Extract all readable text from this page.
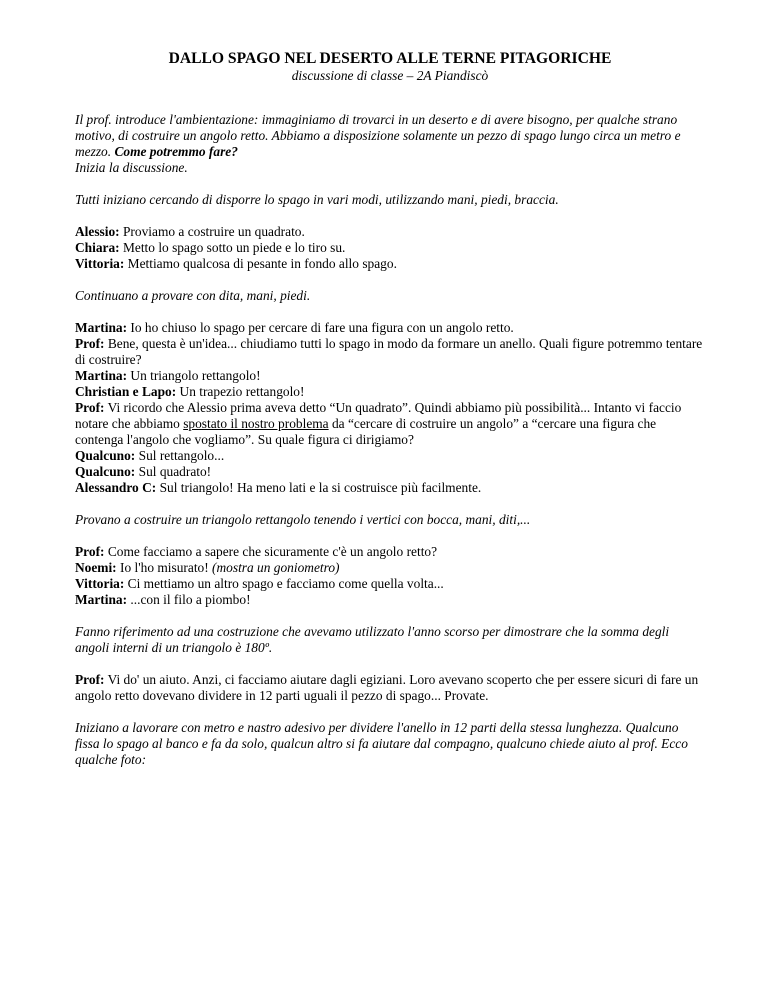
DALLO SPAGO NEL DESERTO ALLE TERNE PITAGORICHE

discussione di classe – 2A Piandiscò

Il prof. introduce l'ambientazione: immaginiamo di trovarci in un deserto e di avere bisogno, per qualche strano motivo, di costruire un angolo retto. Abbiamo a disposizione solamente un pezzo di spago lungo circa un metro e mezzo. Come potremmo fare?
Inizia la discussione.

Tutti iniziano cercando di disporre lo spago in vari modi, utilizzando mani, piedi, braccia.

Alessio: Proviamo a costruire un quadrato.
Chiara: Metto lo spago sotto un piede e lo tiro su.
Vittoria: Mettiamo qualcosa di pesante in fondo allo spago.

Continuano a provare con dita, mani, piedi.

Martina: Io ho chiuso lo spago per cercare di fare una figura con un angolo retto.
Prof: Bene, questa è un'idea... chiudiamo tutti lo spago in modo da formare un anello. Quali figure potremmo tentare di costruire?
Martina: Un triangolo rettangolo!
Christian e Lapo: Un trapezio rettangolo!
Prof: Vi ricordo che Alessio prima aveva detto “Un quadrato”. Quindi abbiamo più possibilità... Intanto vi faccio notare che abbiamo spostato il nostro problema da “cercare di costruire un angolo” a “cercare una figura che contenga l'angolo che vogliamo”. Su quale figura ci dirigiamo?
Qualcuno: Sul rettangolo...
Qualcuno: Sul quadrato!
Alessandro C: Sul triangolo! Ha meno lati e la si costruisce più facilmente.

Provano a costruire un triangolo rettangolo tenendo i vertici con bocca, mani, diti,...

Prof: Come facciamo a sapere che sicuramente c'è un angolo retto?
Noemi: Io l'ho misurato! (mostra un goniometro)
Vittoria: Ci mettiamo un altro spago e facciamo come quella volta...
Martina: ...con il filo a piombo!

Fanno riferimento ad una costruzione che avevamo utilizzato l'anno scorso per dimostrare che la somma degli angoli interni di un triangolo è 180º.

Prof: Vi do' un aiuto. Anzi, ci facciamo aiutare dagli egiziani. Loro avevano scoperto che per essere sicuri di fare un angolo retto dovevano dividere in 12 parti uguali il pezzo di spago... Provate.

Iniziano a lavorare con metro e nastro adesivo per dividere l'anello in 12 parti della stessa lunghezza. Qualcuno fissa lo spago al banco e fa da solo, qualcun altro si fa aiutare dal compagno, qualcuno chiede aiuto al prof. Ecco qualche foto:
